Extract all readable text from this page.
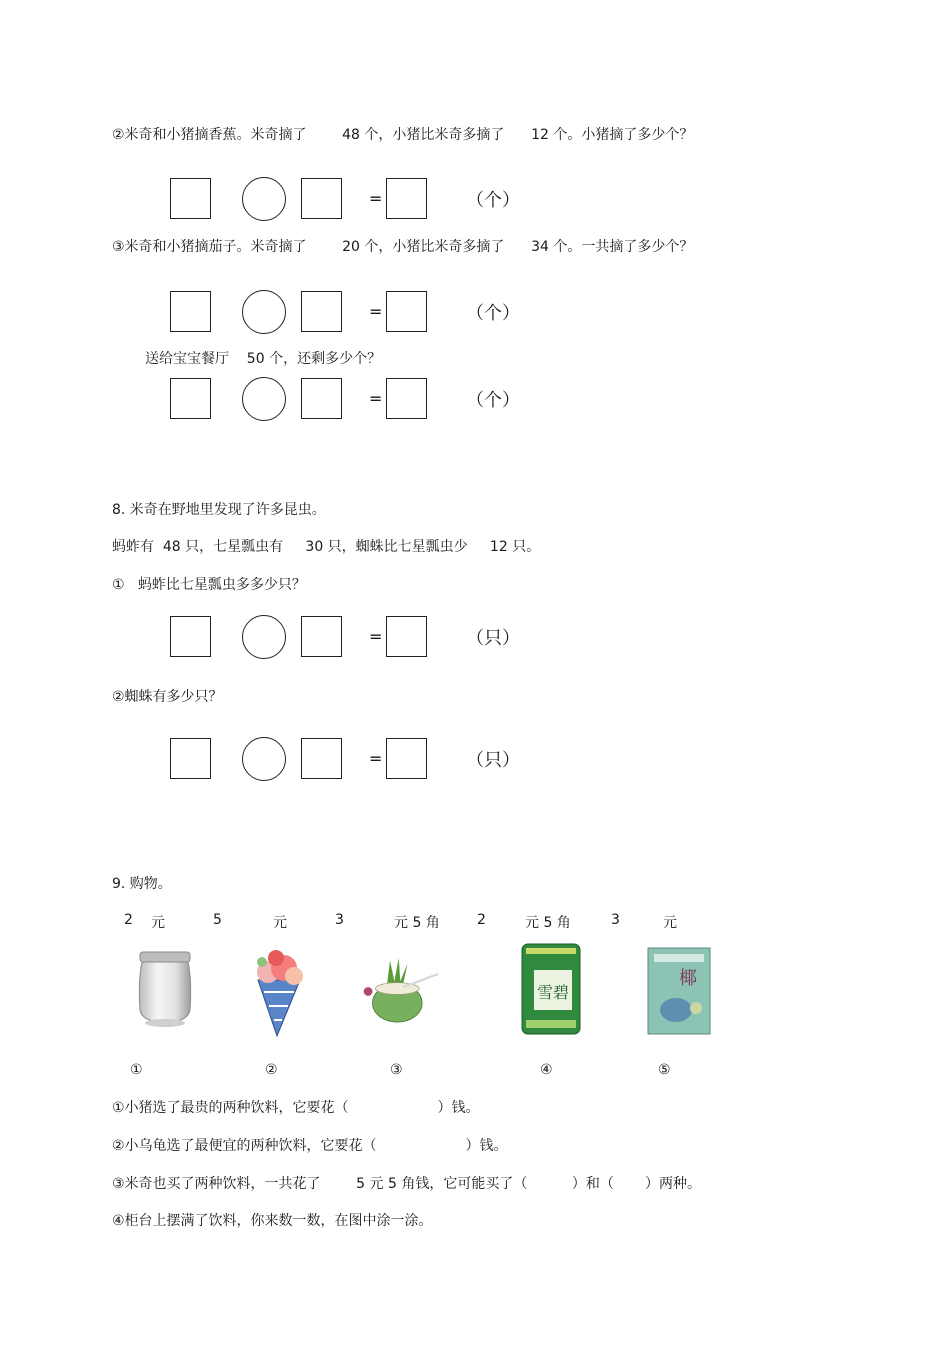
②米奇和小猪摘香蕉。米奇摘了        48 个，小猪比米奇多摘了      12 个。小猪摘了多少个？
=	（个）
③米奇和小猪摘茄子。米奇摘了        20 个，小猪比米奇多摘了      34 个。一共摘了多少个？
=	（个）
送给宝宝餐厅    50 个，还剩多少个？
=	（个）
8. 米奇在野地里发现了许多昆虫。
蚂蚱有  48 只，七星瓢虫有     30 只，蜘蛛比七星瓢虫少     12 只。
①   蚂蚱比七星瓢虫多多少只？
=	（只）
②蜘蛛有多少只？
=	（只）
9. 购物。
2 元	5	元	3	元 5 角	2	元 5 角	3	元
雪碧
椰
①	②	③	④	⑤
①小猪选了最贵的两种饮料，它要花（                    ）钱。
②小乌龟选了最便宜的两种饮料，它要花（                    ）钱。
③米奇也买了两种饮料，一共花了        5 元 5 角钱，它可能买了（          ）和（       ）两种。
④柜台上摆满了饮料，你来数一数，在图中涂一涂。
